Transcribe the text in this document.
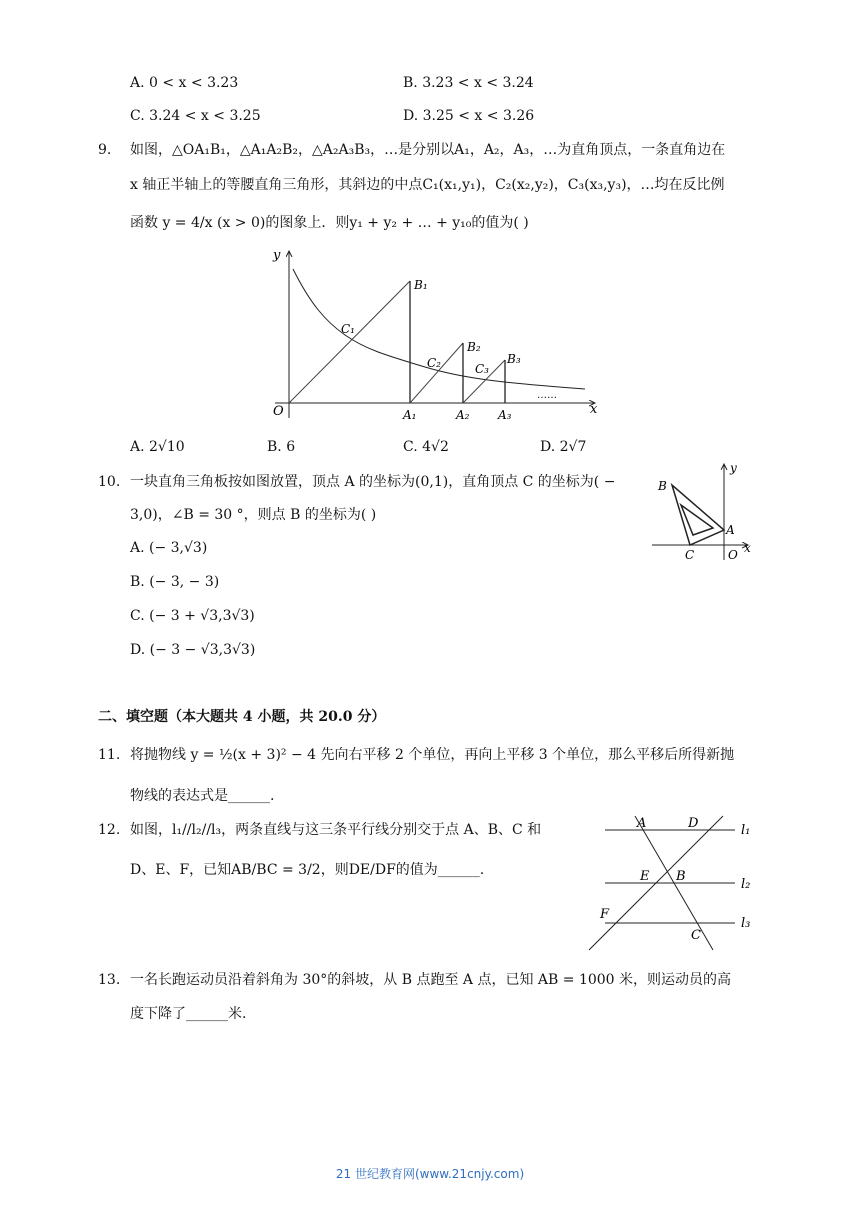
A. 0 < x < 3.23	B. 3.23 < x < 3.24
C. 3.24 < x < 3.25	D. 3.25 < x < 3.26
9. 如图，△OA₁B₁，△A₁A₂B₂，△A₂A₃B₃，…是分别以A₁，A₂，A₃，…为直角顶点，一条直角边在
x 轴正半轴上的等腰直角三角形，其斜边的中点C₁(x₁,y₁)，C₂(x₂,y₂)，C₃(x₃,y₃)，…均在反比例
函数 y = 4/x (x > 0)的图象上．则y₁ + y₂ + … + y₁₀的值为( )
y
x
O
B₁
B₂
B₃
C₁
C₂	C₃
A₁	A₂ A₃
……
A. 2√10	B. 6	C. 4√2	D. 2√7
10. 一块直角三角板按如图放置，顶点 A 的坐标为(0,1)，直角顶点 C 的坐标为( −
3,0)，∠B = 30 °，则点 B 的坐标为( )
A. (− 3,√3)
B. (− 3, − 3)
C. (− 3 + √3,3√3)
D. (− 3 − √3,3√3)
B
A
C	O x
y
二、填空题（本大题共 4 小题，共 20.0 分）
11. 将抛物线 y = ½(x + 3)² − 4 先向右平移 2 个单位，再向上平移 3 个单位，那么平移后所得新抛
物线的表达式是______.
12. 如图，l₁//l₂//l₃，两条直线与这三条平行线分别交于点 A、B、C 和
D、E、F，已知AB/BC = 3/2，则DE/DF的值为______.
A	D
E B
F
C
l₁
l₂
l₃
13. 一名长跑运动员沿着斜角为 30°的斜坡，从 B 点跑至 A 点，已知 AB = 1000 米，则运动员的高
度下降了______米.
21 世纪教育网(www.21cnjy.com)
